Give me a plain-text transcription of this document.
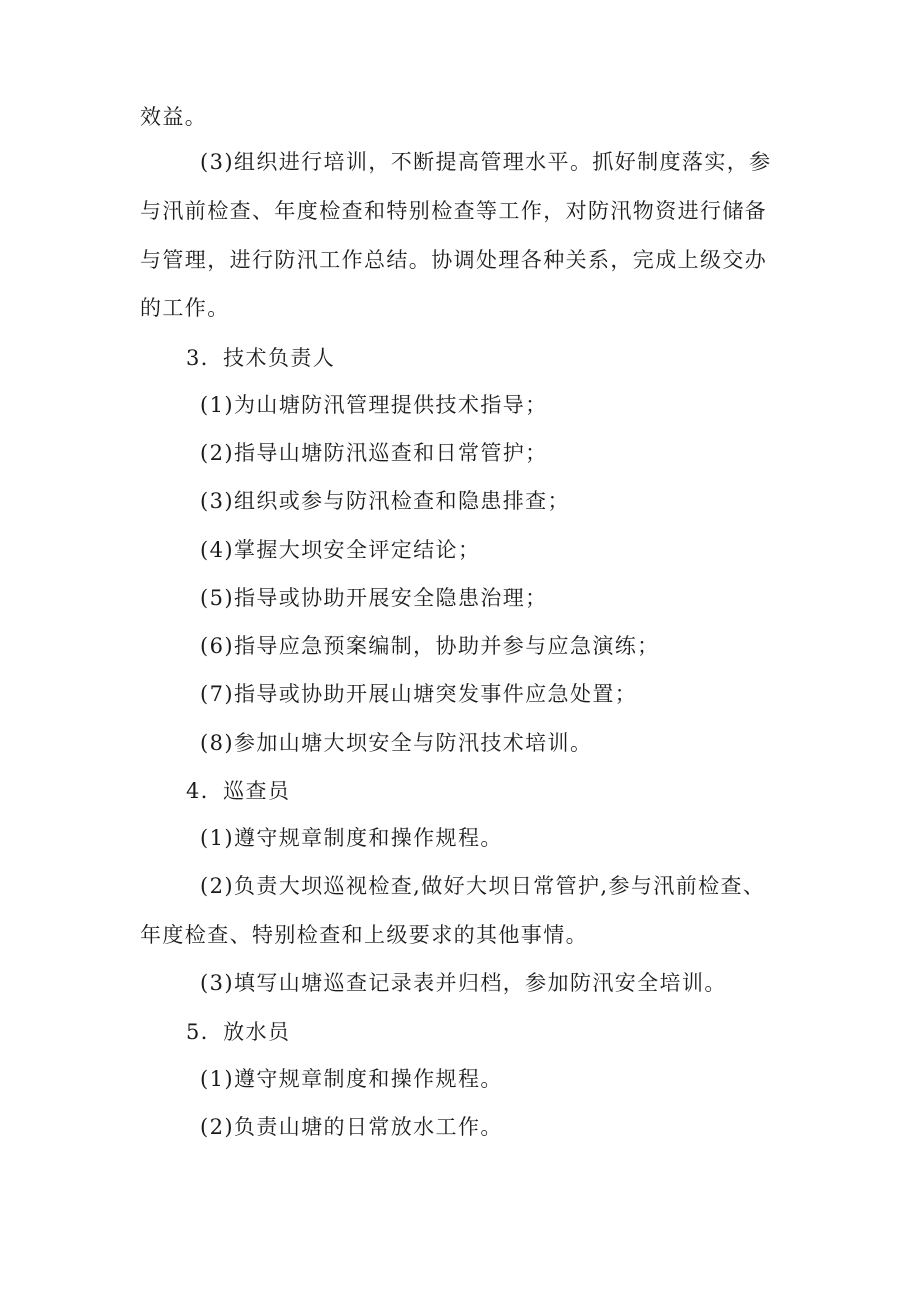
效益。
(3)组织进行培训，不断提高管理水平。抓好制度落实，参
与汛前检查、年度检查和特别检查等工作，对防汛物资进行储备
与管理，进行防汛工作总结。协调处理各种关系，完成上级交办
的工作。
3．技术负责人
(1)为山塘防汛管理提供技术指导；
(2)指导山塘防汛巡查和日常管护；
(3)组织或参与防汛检查和隐患排查；
(4)掌握大坝安全评定结论；
(5)指导或协助开展安全隐患治理；
(6)指导应急预案编制，协助并参与应急演练；
(7)指导或协助开展山塘突发事件应急处置；
(8)参加山塘大坝安全与防汛技术培训。
4．巡查员
(1)遵守规章制度和操作规程。
(2)负责大坝巡视检查,做好大坝日常管护,参与汛前检查、
年度检查、特别检查和上级要求的其他事情。
(3)填写山塘巡查记录表并归档，参加防汛安全培训。
5．放水员
(1)遵守规章制度和操作规程。
(2)负责山塘的日常放水工作。
